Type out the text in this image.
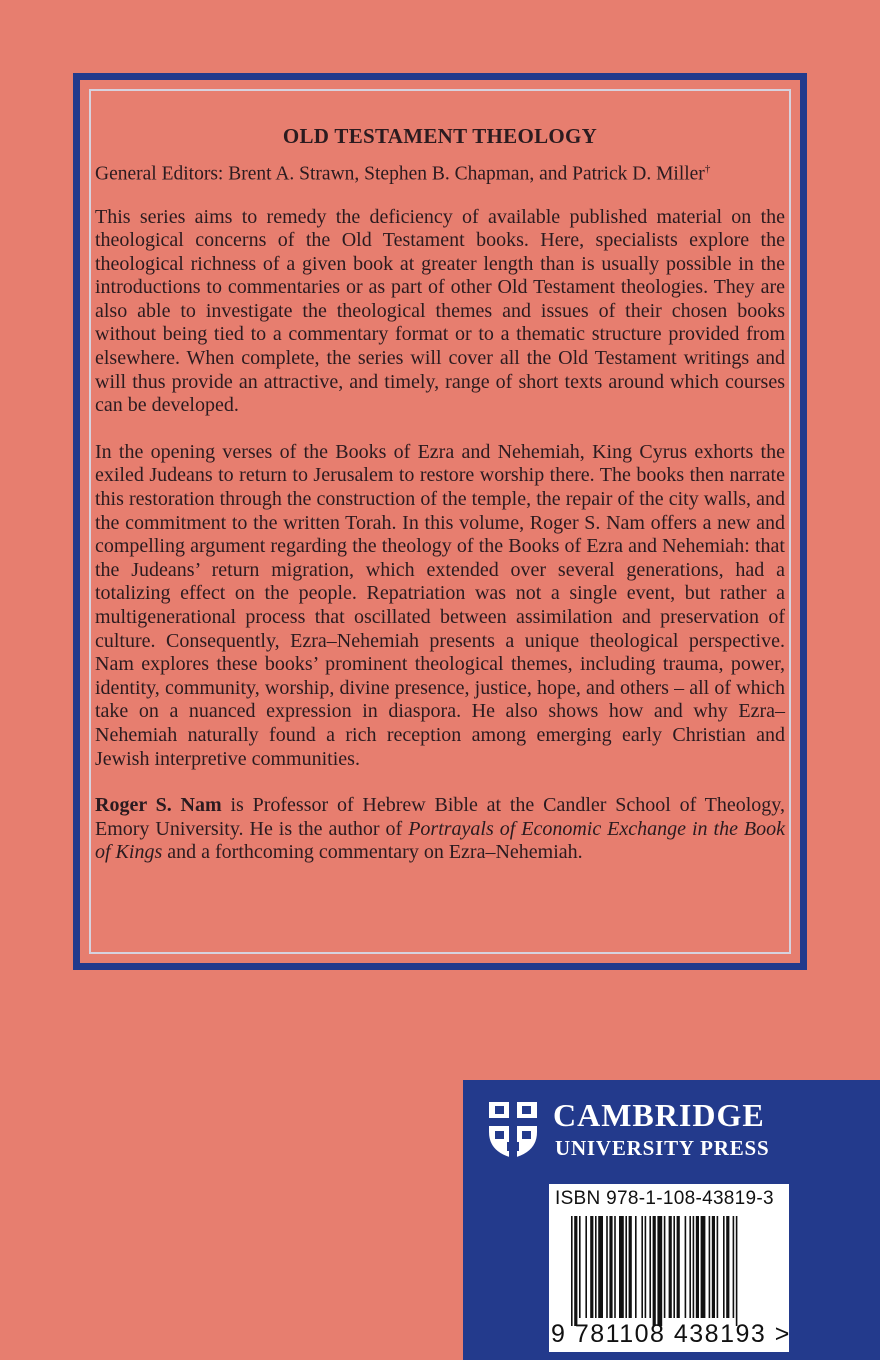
OLD TESTAMENT THEOLOGY
General Editors: Brent A. Strawn, Stephen B. Chapman, and Patrick D. Miller†

This series aims to remedy the deficiency of available published material on the theological concerns of the Old Testament books. Here, specialists explore the theological richness of a given book at greater length than is usually possible in the introductions to commentaries or as part of other Old Testament theologies. They are also able to investigate the theological themes and issues of their chosen books without being tied to a commentary format or to a thematic structure provided from elsewhere. When complete, the series will cover all the Old Testament writings and will thus provide an attractive, and timely, range of short texts around which courses can be developed.

In the opening verses of the Books of Ezra and Nehemiah, King Cyrus exhorts the exiled Judeans to return to Jerusalem to restore worship there. The books then narrate this restoration through the construction of the temple, the repair of the city walls, and the commitment to the written Torah. In this volume, Roger S. Nam offers a new and compelling argument regarding the theology of the Books of Ezra and Nehemiah: that the Judeans’ return migration, which extended over several generations, had a totalizing effect on the people. Repatriation was not a single event, but rather a multigenerational process that oscillated between assimilation and preservation of culture. Consequently, Ezra–Nehemiah presents a unique theological perspective. Nam explores these books’ prominent theological themes, including trauma, power, identity, community, worship, divine presence, justice, hope, and others – all of which take on a nuanced expression in diaspora. He also shows how and why Ezra–Nehemiah naturally found a rich reception among emerging early Christian and Jewish interpretive communities.

Roger S. Nam is Professor of Hebrew Bible at the Candler School of Theology, Emory University. He is the author of Portrayals of Economic Exchange in the Book of Kings and a forthcoming commentary on Ezra–Nehemiah.

CAMBRIDGE
UNIVERSITY PRESS
ISBN 978-1-108-43819-3
9 781108 438193 >
